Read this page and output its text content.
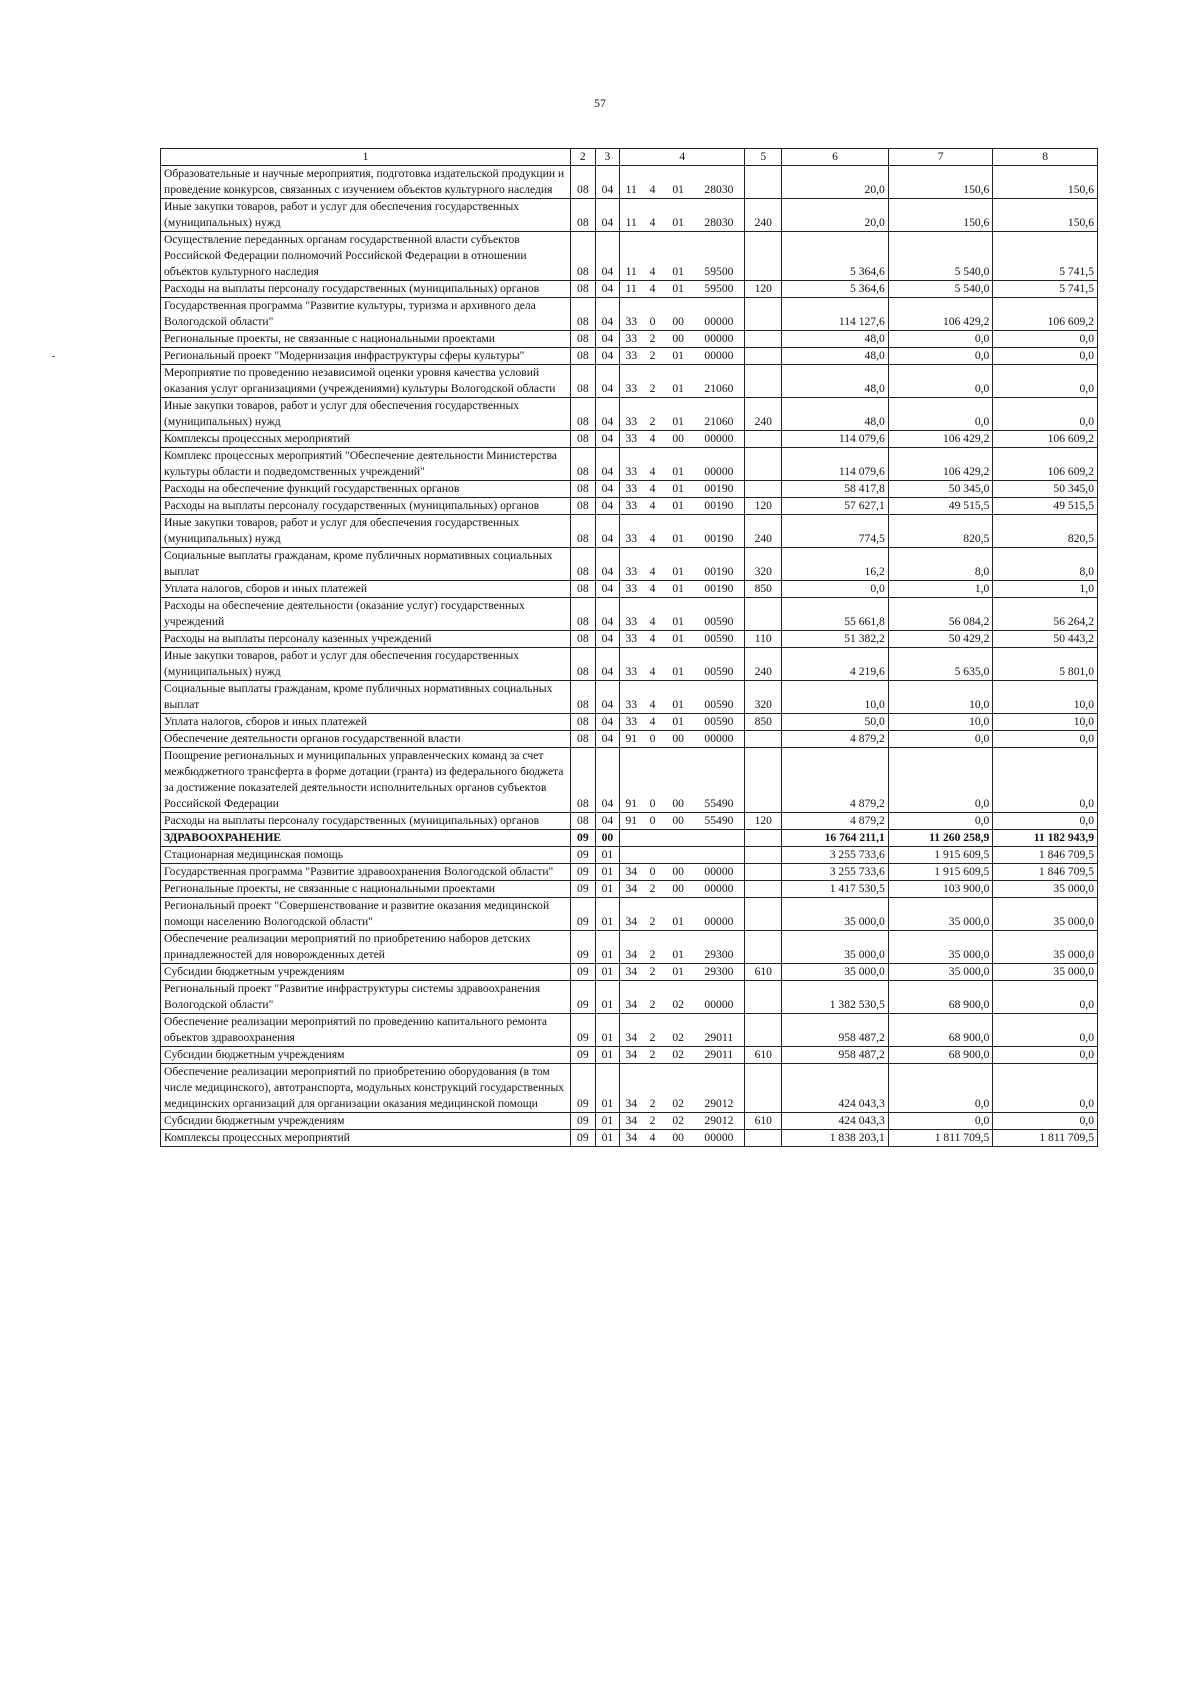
57
1	2	3	4				5	6	7	8
Образовательные и научные мероприятия, подготовка издательской продукции и проведение конкурсов, связанных с изучением объектов культурного наследия	08	04	11	4	01	28030		20,0	150,6	150,6
Иные закупки товаров, работ и услуг для обеспечения государственных (муниципальных) нужд	08	04	11	4	01	28030	240	20,0	150,6	150,6
Осуществление переданных органам государственной власти субъектов Российской Федерации полномочий Российской Федерации в отношении объектов культурного наследия	08	04	11	4	01	59500		5 364,6	5 540,0	5 741,5
Расходы на выплаты персоналу государственных (муниципальных) органов	08	04	11	4	01	59500	120	5 364,6	5 540,0	5 741,5
Государственная программа "Развитие культуры, туризма и архивного дела Вологодской области"	08	04	33	0	00	00000		114 127,6	106 429,2	106 609,2
Региональные проекты, не связанные с национальными проектами	08	04	33	2	00	00000		48,0	0,0	0,0
Региональный проект "Модернизация инфраструктуры сферы культуры"	08	04	33	2	01	00000		48,0	0,0	0,0
Мероприятие по проведению независимой оценки уровня качества условий оказания услуг организациями (учреждениями) культуры Вологодской области	08	04	33	2	01	21060		48,0	0,0	0,0
Иные закупки товаров, работ и услуг для обеспечения государственных (муниципальных) нужд	08	04	33	2	01	21060	240	48,0	0,0	0,0
Комплексы процессных мероприятий	08	04	33	4	00	00000		114 079,6	106 429,2	106 609,2
Комплекс процессных мероприятий "Обеспечение деятельности Министерства культуры области и подведомственных учреждений"	08	04	33	4	01	00000		114 079,6	106 429,2	106 609,2
Расходы на обеспечение функций государственных органов	08	04	33	4	01	00190		58 417,8	50 345,0	50 345,0
Расходы на выплаты персоналу государственных (муниципальных) органов	08	04	33	4	01	00190	120	57 627,1	49 515,5	49 515,5
Иные закупки товаров, работ и услуг для обеспечения государственных (муниципальных) нужд	08	04	33	4	01	00190	240	774,5	820,5	820,5
Социальные выплаты гражданам, кроме публичных нормативных социальных выплат	08	04	33	4	01	00190	320	16,2	8,0	8,0
Уплата налогов, сборов и иных платежей	08	04	33	4	01	00190	850	0,0	1,0	1,0
Расходы на обеспечение деятельности (оказание услуг) государственных учреждений	08	04	33	4	01	00590		55 661,8	56 084,2	56 264,2
Расходы на выплаты персоналу казенных учреждений	08	04	33	4	01	00590	110	51 382,2	50 429,2	50 443,2
Иные закупки товаров, работ и услуг для обеспечения государственных (муниципальных) нужд	08	04	33	4	01	00590	240	4 219,6	5 635,0	5 801,0
Социальные выплаты гражданам, кроме публичных нормативных социальных выплат	08	04	33	4	01	00590	320	10,0	10,0	10,0
Уплата налогов, сборов и иных платежей	08	04	33	4	01	00590	850	50,0	10,0	10,0
Обеспечение деятельности органов государственной власти	08	04	91	0	00	00000		4 879,2	0,0	0,0
Поощрение региональных и муниципальных управленческих команд за счет межбюджетного трансферта в форме дотации (гранта) из федерального бюджета за достижение показателей деятельности исполнительных органов субъектов Российской Федерации	08	04	91	0	00	55490		4 879,2	0,0	0,0
Расходы на выплаты персоналу государственных (муниципальных) органов	08	04	91	0	00	55490	120	4 879,2	0,0	0,0
ЗДРАВООХРАНЕНИЕ	09	00						16 764 211,1	11 260 258,9	11 182 943,9
Стационарная медицинская помощь	09	01						3 255 733,6	1 915 609,5	1 846 709,5
Государственная программа "Развитие здравоохранения Вологодской области"	09	01	34	0	00	00000		3 255 733,6	1 915 609,5	1 846 709,5
Региональные проекты, не связанные с национальными проектами	09	01	34	2	00	00000		1 417 530,5	103 900,0	35 000,0
Региональный проект "Совершенствование и развитие оказания медицинской помощи населению Вологодской области"	09	01	34	2	01	00000		35 000,0	35 000,0	35 000,0
Обеспечение реализации мероприятий по приобретению наборов детских принадлежностей для новорожденных детей	09	01	34	2	01	29300		35 000,0	35 000,0	35 000,0
Субсидии бюджетным учреждениям	09	01	34	2	01	29300	610	35 000,0	35 000,0	35 000,0
Региональный проект "Развитие инфраструктуры системы здравоохранения Вологодской области"	09	01	34	2	02	00000		1 382 530,5	68 900,0	0,0
Обеспечение реализации мероприятий по проведению капитального ремонта объектов здравоохранения	09	01	34	2	02	29011		958 487,2	68 900,0	0,0
Субсидии бюджетным учреждениям	09	01	34	2	02	29011	610	958 487,2	68 900,0	0,0
Обеспечение реализации мероприятий по приобретению оборудования (в том числе медицинского), автотранспорта, модульных конструкций государственных медицинских организаций для организации оказания медицинской помощи	09	01	34	2	02	29012		424 043,3	0,0	0,0
Субсидии бюджетным учреждениям	09	01	34	2	02	29012	610	424 043,3	0,0	0,0
Комплексы процессных мероприятий	09	01	34	4	00	00000		1 838 203,1	1 811 709,5	1 811 709,5
